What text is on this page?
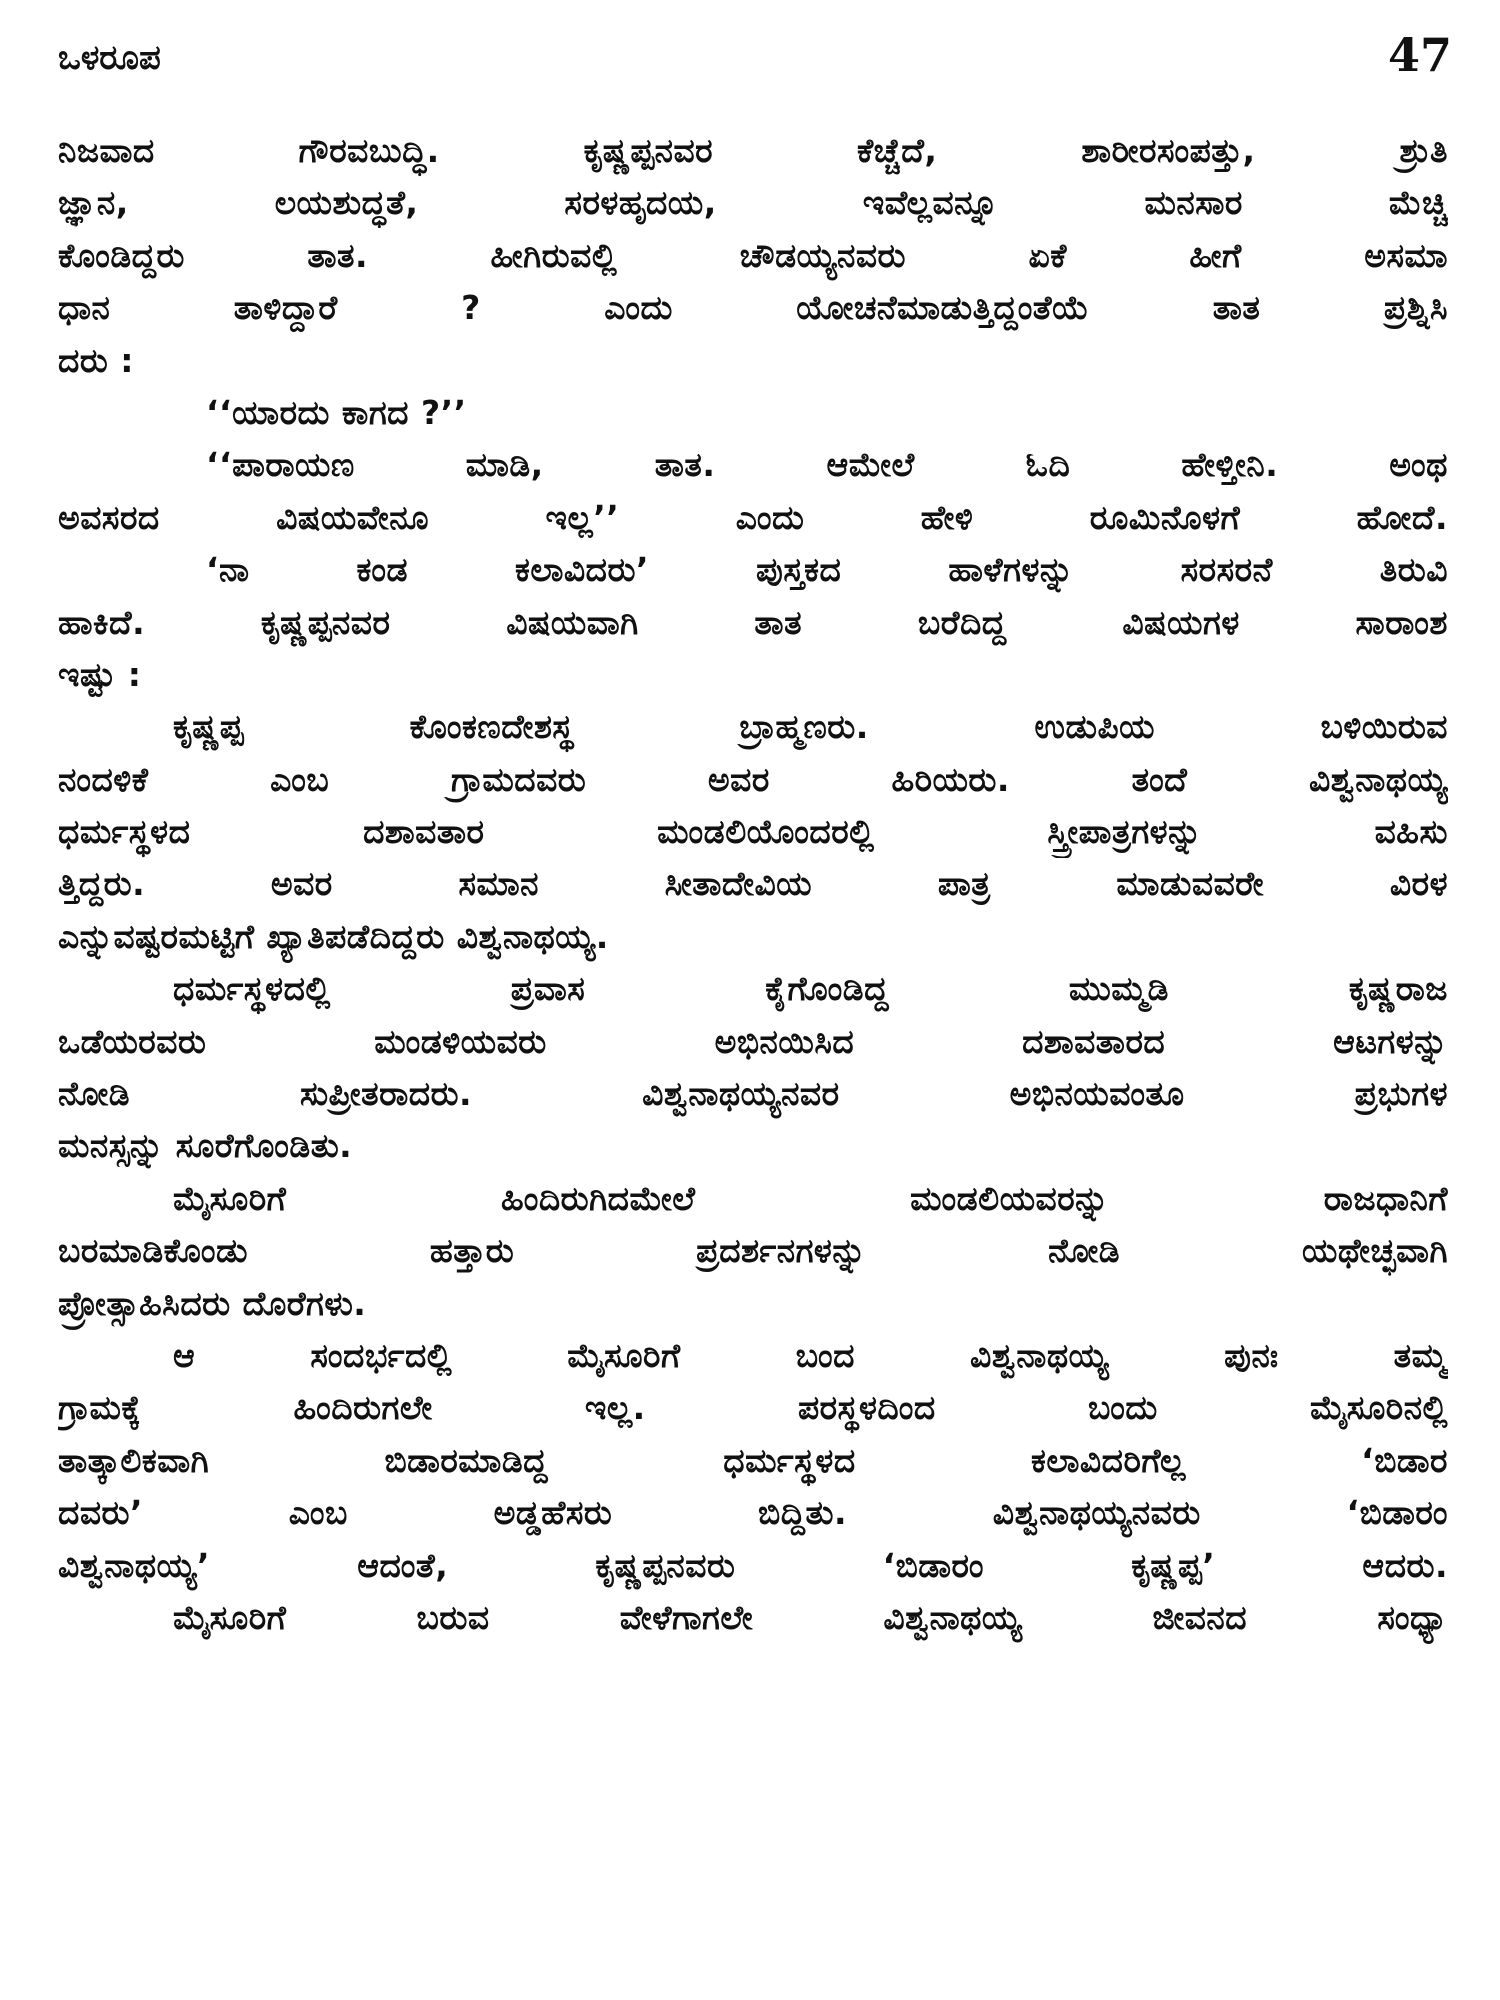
ಒಳರೂಪ	47
ನಿಜವಾದ ಗೌರವಬುದ್ಧಿ. ಕೃಷ್ಣಪ್ಪನವರ ಕೆಚ್ಚೆದೆ, ಶಾರೀರಸಂಪತ್ತು, ಶ್ರುತಿ
ಜ್ಞಾನ, ಲಯಶುದ್ಧತೆ, ಸರಳಹೃದಯ, ಇವೆಲ್ಲವನ್ನೂ ಮನಸಾರ ಮೆಚ್ಚಿ
ಕೊಂಡಿದ್ದರು ತಾತ. ಹೀಗಿರುವಲ್ಲಿ ಚೌಡಯ್ಯನವರು ಏಕೆ ಹೀಗೆ ಅಸಮಾ
ಧಾನ ತಾಳಿದ್ದಾರೆ ? ಎಂದು ಯೋಚನೆಮಾಡುತ್ತಿದ್ದಂತೆಯೆ ತಾತ ಪ್ರಶ್ನಿಸಿ
ದರು :
‘‘ಯಾರದು ಕಾಗದ ?’’
‘‘ಪಾರಾಯಣ ಮಾಡಿ, ತಾತ. ಆಮೇಲೆ ಓದಿ ಹೇಳ್ತೀನಿ. ಅಂಥ
ಅವಸರದ ವಿಷಯವೇನೂ ಇಲ್ಲ’’ ಎಂದು ಹೇಳಿ ರೂಮಿನೊಳಗೆ ಹೋದೆ.
‘ನಾ ಕಂಡ ಕಲಾವಿದರು’ ಪುಸ್ತಕದ ಹಾಳೆಗಳನ್ನು ಸರಸರನೆ ತಿರುವಿ
ಹಾಕಿದೆ. ಕೃಷ್ಣಪ್ಪನವರ ವಿಷಯವಾಗಿ ತಾತ ಬರೆದಿದ್ದ ವಿಷಯಗಳ ಸಾರಾಂಶ
ಇಷ್ಟು :
ಕೃಷ್ಣಪ್ಪ ಕೊಂಕಣದೇಶಸ್ಥ ಬ್ರಾಹ್ಮಣರು. ಉಡುಪಿಯ ಬಳಿಯಿರುವ
ನಂದಳಿಕೆ ಎಂಬ ಗ್ರಾಮದವರು ಅವರ ಹಿರಿಯರು. ತಂದೆ ವಿಶ್ವನಾಥಯ್ಯ
ಧರ್ಮಸ್ಥಳದ ದಶಾವತಾರ ಮಂಡಲಿಯೊಂದರಲ್ಲಿ ಸ್ತ್ರೀಪಾತ್ರಗಳನ್ನು ವಹಿಸು
ತ್ತಿದ್ದರು. ಅವರ ಸಮಾನ ಸೀತಾದೇವಿಯ ಪಾತ್ರ ಮಾಡುವವರೇ ವಿರಳ
ಎನ್ನುವಷ್ಟರಮಟ್ಟಿಗೆ ಖ್ಯಾತಿಪಡೆದಿದ್ದರು ವಿಶ್ವನಾಥಯ್ಯ.
ಧರ್ಮಸ್ಥಳದಲ್ಲಿ ಪ್ರವಾಸ ಕೈಗೊಂಡಿದ್ದ ಮುಮ್ಮಡಿ ಕೃಷ್ಣರಾಜ
ಒಡೆಯರವರು ಮಂಡಳಿಯವರು ಅಭಿನಯಿಸಿದ ದಶಾವತಾರದ ಆಟಗಳನ್ನು
ನೋಡಿ ಸುಪ್ರೀತರಾದರು. ವಿಶ್ವನಾಥಯ್ಯನವರ ಅಭಿನಯವಂತೂ ಪ್ರಭುಗಳ
ಮನಸ್ಸನ್ನು ಸೂರೆಗೊಂಡಿತು.
ಮೈಸೂರಿಗೆ ಹಿಂದಿರುಗಿದಮೇಲೆ ಮಂಡಲಿಯವರನ್ನು ರಾಜಧಾನಿಗೆ
ಬರಮಾಡಿಕೊಂಡು ಹತ್ತಾರು ಪ್ರದರ್ಶನಗಳನ್ನು ನೋಡಿ ಯಥೇಚ್ಛವಾಗಿ
ಪ್ರೋತ್ಸಾಹಿಸಿದರು ದೊರೆಗಳು.
ಆ ಸಂದರ್ಭದಲ್ಲಿ ಮೈಸೂರಿಗೆ ಬಂದ ವಿಶ್ವನಾಥಯ್ಯ ಪುನಃ ತಮ್ಮ
ಗ್ರಾಮಕ್ಕೆ ಹಿಂದಿರುಗಲೇ ಇಲ್ಲ. ಪರಸ್ಥಳದಿಂದ ಬಂದು ಮೈಸೂರಿನಲ್ಲಿ
ತಾತ್ಕಾಲಿಕವಾಗಿ ಬಿಡಾರಮಾಡಿದ್ದ ಧರ್ಮಸ್ಥಳದ ಕಲಾವಿದರಿಗೆಲ್ಲ ‘ಬಿಡಾರ
ದವರು’ ಎಂಬ ಅಡ್ಡಹೆಸರು ಬಿದ್ದಿತು. ವಿಶ್ವನಾಥಯ್ಯನವರು ‘ಬಿಡಾರಂ
ವಿಶ್ವನಾಥಯ್ಯ’ ಆದಂತೆ, ಕೃಷ್ಣಪ್ಪನವರು ‘ಬಿಡಾರಂ ಕೃಷ್ಣಪ್ಪ’ ಆದರು.
ಮೈಸೂರಿಗೆ ಬರುವ ವೇಳೆಗಾಗಲೇ ವಿಶ್ವನಾಥಯ್ಯ ಜೀವನದ ಸಂಧ್ಯಾ
